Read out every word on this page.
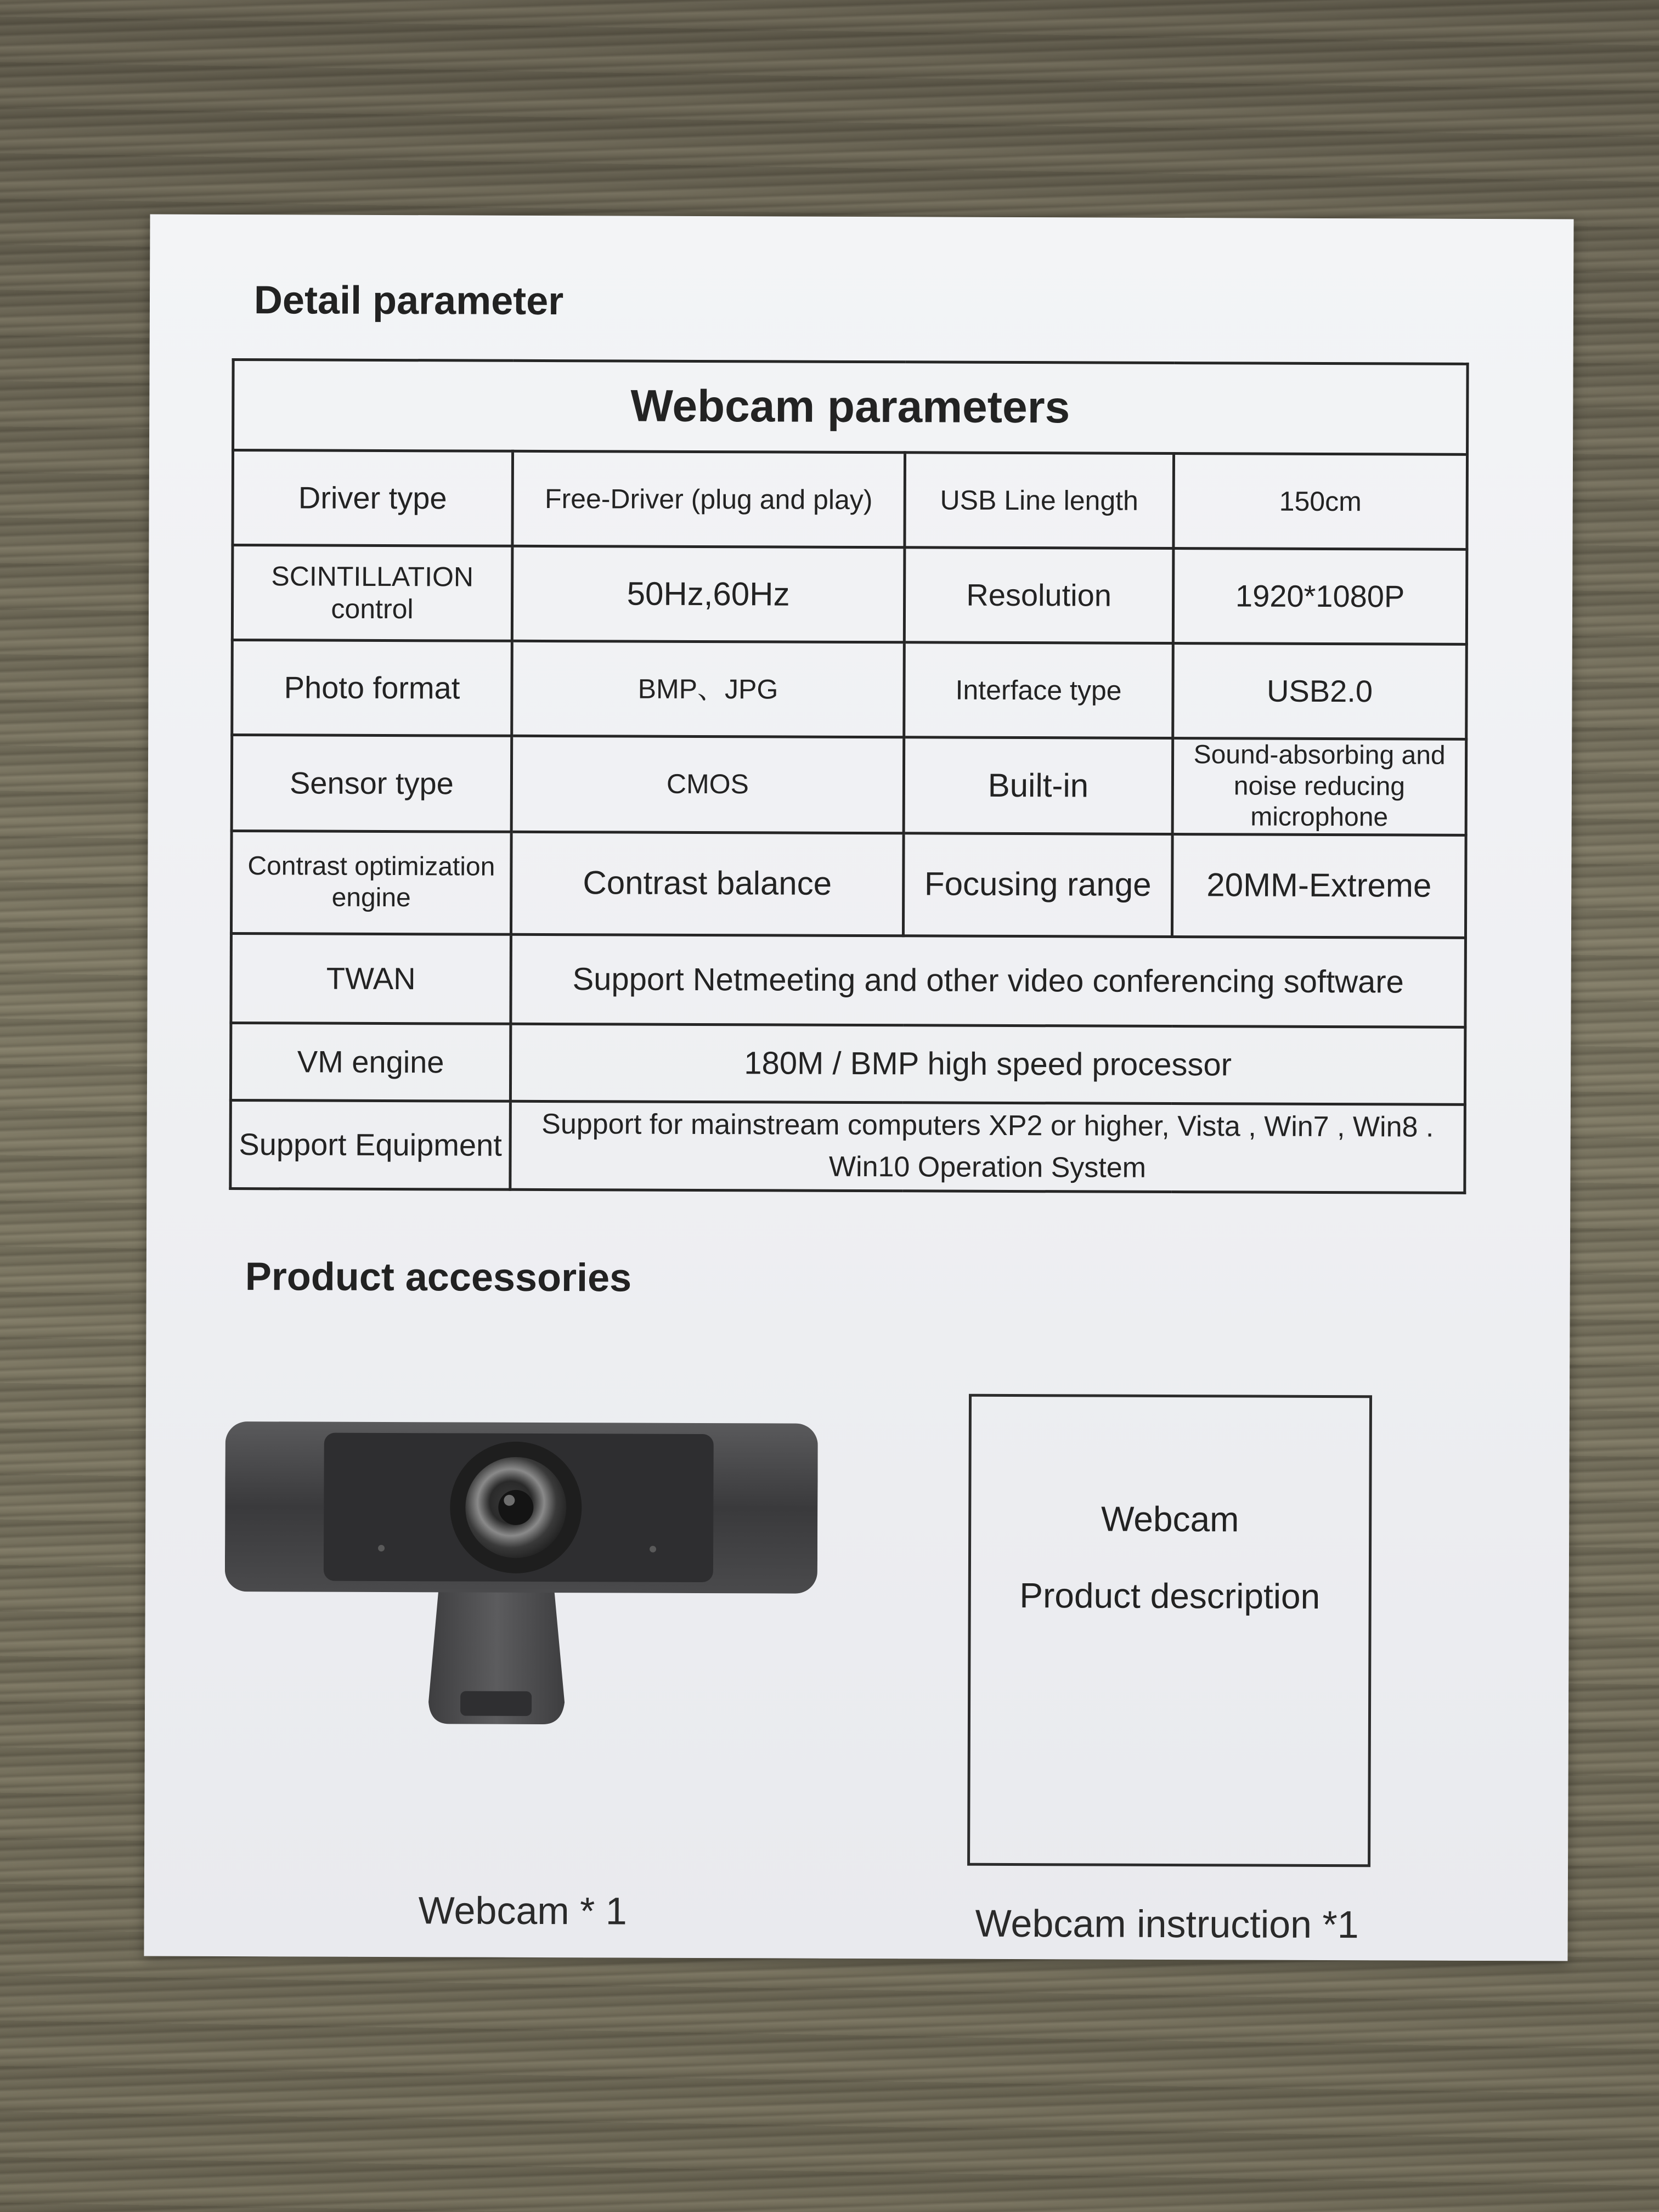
Detail parameter
Webcam parameters			
Driver type	Free-Driver (plug and play)	USB Line length	150cm
SCINTILLATION control	50Hz,60Hz	Resolution	1920*1080P
Photo format	BMP、JPG	Interface type	USB2.0
Sensor type	CMOS	Built-in	Sound-absorbing and noise reducing microphone
Contrast optimization engine	Contrast balance	Focusing range	20MM-Extreme
TWAN	Support Netmeeting and other video conferencing software		
VM engine	180M / BMP high speed processor		
Support Equipment	Support for mainstream computers XP2 or higher, Vista , Win7 , Win8 . Win10 Operation System		
Product accessories
Webcam
Product description
Webcam * 1	Webcam instruction *1
